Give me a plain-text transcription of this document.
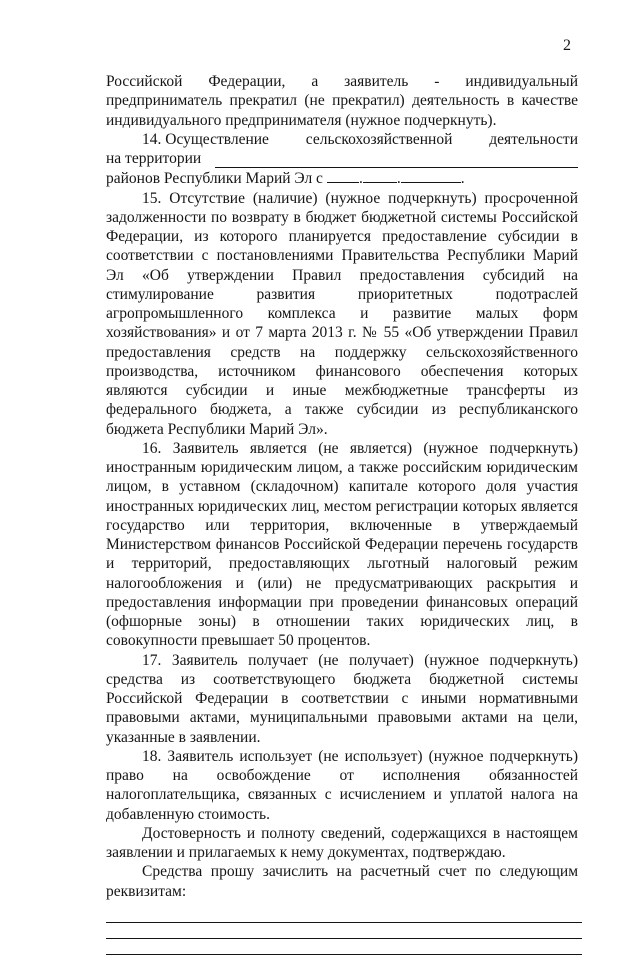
2

Российской Федерации, а заявитель - индивидуальный предприниматель прекратил (не прекратил) деятельность в качестве индивидуального предпринимателя (нужное подчеркнуть).

14. Осуществление сельскохозяйственной деятельности

на территории

районов Республики Марий Эл с . .	.

15. Отсутствие (наличие) (нужное подчеркнуть) просроченной задолженности по возврату в бюджет бюджетной системы Российской Федерации, из которого планируется предоставление субсидии в соответствии с постановлениями Правительства Республики Марий Эл «Об утверждении Правил предоставления субсидий на стимулирование развития приоритетных подотраслей агропромышленного комплекса и развитие малых форм хозяйствования» и от 7 марта 2013 г. № 55 «Об утверждении Правил предоставления средств на поддержку сельскохозяйственного производства, источником финансового обеспечения которых являются субсидии и иные межбюджетные трансферты из федерального бюджета, а также субсидии из республиканского бюджета Республики Марий Эл».

16. Заявитель является (не является) (нужное подчеркнуть) иностранным юридическим лицом, а также российским юридическим лицом, в уставном (складочном) капитале которого доля участия иностранных юридических лиц, местом регистрации которых является государство или территория, включенные в утверждаемый Министерством финансов Российской Федерации перечень государств и территорий, предоставляющих льготный налоговый режим налогообложения и (или) не предусматривающих раскрытия и предоставления информации при проведении финансовых операций (офшорные зоны) в отношении таких юридических лиц, в совокупности превышает 50 процентов.

17. Заявитель получает (не получает) (нужное подчеркнуть) средства из соответствующего бюджета бюджетной системы Российской Федерации в соответствии с иными нормативными правовыми актами, муниципальными правовыми актами на цели, указанные в заявлении.

18. Заявитель использует (не использует) (нужное подчеркнуть) право на освобождение от исполнения обязанностей налогоплательщика, связанных с исчислением и уплатой налога на добавленную стоимость.

Достоверность и полноту сведений, содержащихся в настоящем заявлении и прилагаемых к нему документах, подтверждаю.

Средства прошу зачислить на расчетный счет по следующим реквизитам:
